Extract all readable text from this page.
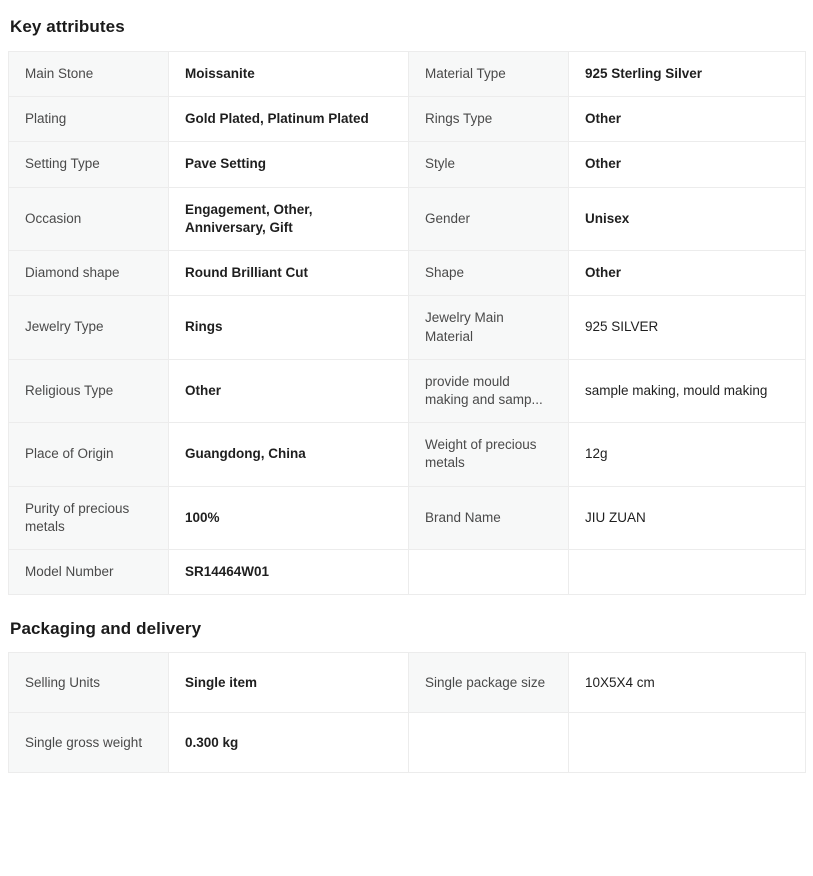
Key attributes
Main Stone	Moissanite	Material Type	925 Sterling Silver
Plating	Gold Plated, Platinum Plated	Rings Type	Other
Setting Type	Pave Setting	Style	Other
Occasion	Engagement, Other, Anniversary, Gift	Gender	Unisex
Diamond shape	Round Brilliant Cut	Shape	Other
Jewelry Type	Rings	Jewelry Main Material	925 SILVER
Religious Type	Other	provide mould making and samp...	sample making, mould making
Place of Origin	Guangdong, China	Weight of precious metals	12g
Purity of precious metals	100%	Brand Name	JIU ZUAN
Model Number	SR14464W01		
Packaging and delivery
Selling Units	Single item	Single package size	10X5X4 cm
Single gross weight	0.300 kg		
